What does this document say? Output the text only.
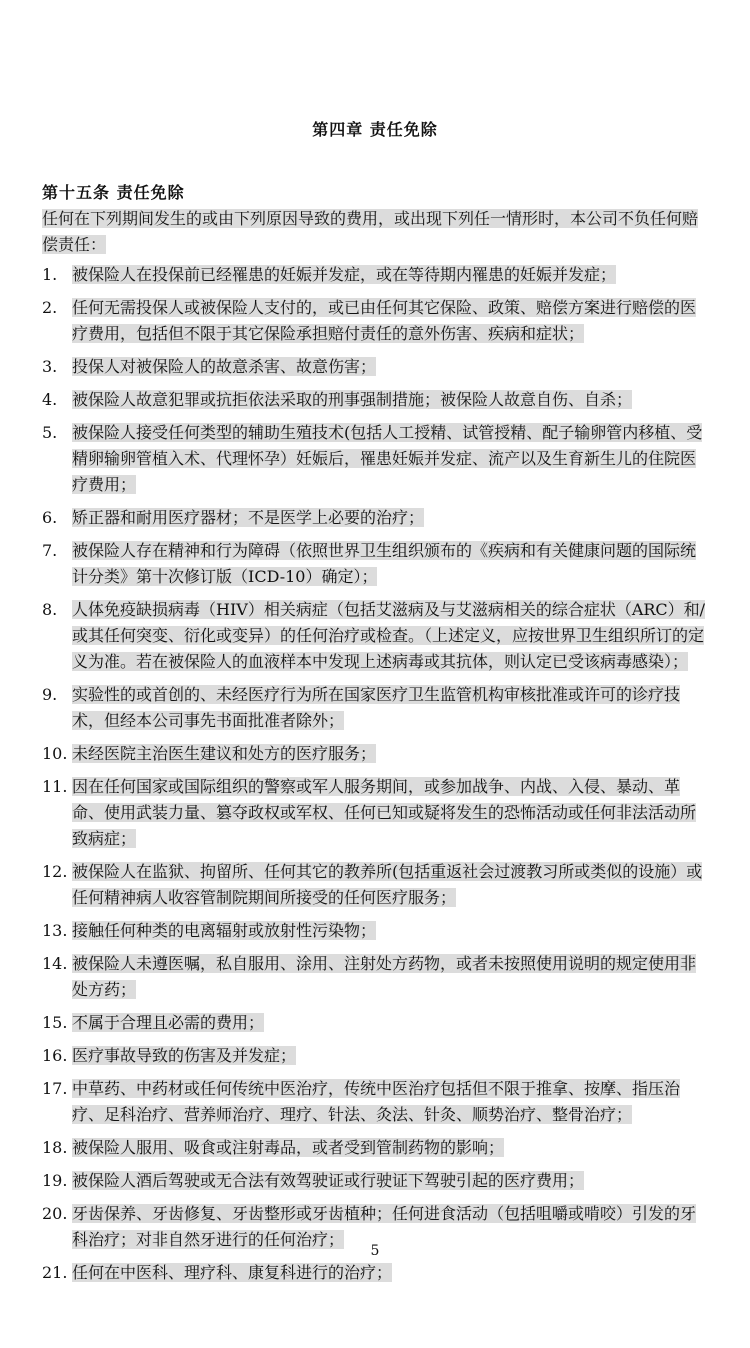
第四章 责任免除
第十五条 责任免除
任何在下列期间发生的或由下列原因导致的费用，或出现下列任一情形时，本公司不负任何赔偿责任：
1. 被保险人在投保前已经罹患的妊娠并发症，或在等待期内罹患的妊娠并发症；
2. 任何无需投保人或被保险人支付的，或已由任何其它保险、政策、赔偿方案进行赔偿的医疗费用，包括但不限于其它保险承担赔付责任的意外伤害、疾病和症状；
3. 投保人对被保险人的故意杀害、故意伤害；
4. 被保险人故意犯罪或抗拒依法采取的刑事强制措施；被保险人故意自伤、自杀；
5. 被保险人接受任何类型的辅助生殖技术(包括人工授精、试管授精、配子输卵管内移植、受精卵输卵管植入术、代理怀孕）妊娠后，罹患妊娠并发症、流产以及生育新生儿的住院医疗费用；
6. 矫正器和耐用医疗器材；不是医学上必要的治疗；
7. 被保险人存在精神和行为障碍（依照世界卫生组织颁布的《疾病和有关健康问题的国际统计分类》第十次修订版（ICD-10）确定）；
8. 人体免疫缺损病毒（HIV）相关病症（包括艾滋病及与艾滋病相关的综合症状（ARC）和/或其任何突变、衍化或变异）的任何治疗或检查。（上述定义，应按世界卫生组织所订的定义为准。若在被保险人的血液样本中发现上述病毒或其抗体，则认定已受该病毒感染）；
9. 实验性的或首创的、未经医疗行为所在国家医疗卫生监管机构审核批准或许可的诊疗技术，但经本公司事先书面批准者除外；
10. 未经医院主治医生建议和处方的医疗服务；
11. 因在任何国家或国际组织的警察或军人服务期间，或参加战争、内战、入侵、暴动、革命、使用武装力量、篡夺政权或军权、任何已知或疑将发生的恐怖活动或任何非法活动所致病症；
12. 被保险人在监狱、拘留所、任何其它的教养所(包括重返社会过渡教习所或类似的设施）或任何精神病人收容管制院期间所接受的任何医疗服务；
13. 接触任何种类的电离辐射或放射性污染物；
14. 被保险人未遵医嘱，私自服用、涂用、注射处方药物，或者未按照使用说明的规定使用非处方药；
15. 不属于合理且必需的费用；
16. 医疗事故导致的伤害及并发症；
17. 中草药、中药材或任何传统中医治疗，传统中医治疗包括但不限于推拿、按摩、指压治疗、足科治疗、营养师治疗、理疗、针法、灸法、针灸、顺势治疗、整骨治疗；
18. 被保险人服用、吸食或注射毒品，或者受到管制药物的影响；
19. 被保险人酒后驾驶或无合法有效驾驶证或行驶证下驾驶引起的医疗费用；
20. 牙齿保养、牙齿修复、牙齿整形或牙齿植种；任何进食活动（包括咀嚼或啃咬）引发的牙科治疗；对非自然牙进行的任何治疗；
21. 任何在中医科、理疗科、康复科进行的治疗；
5
